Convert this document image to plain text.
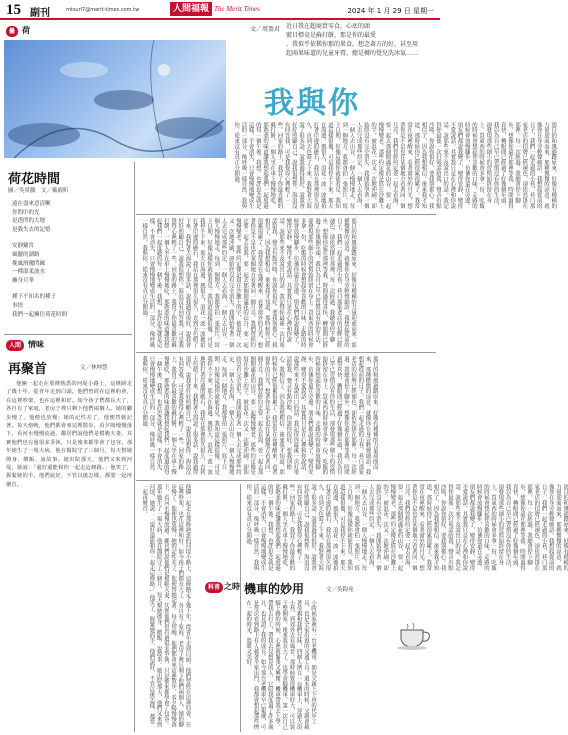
15 副刊	mtsurl7@merit-times.com.tw	人間福報 The Merit Times	2024 年 1 月 29 日 星期一
曇 荷
我與你
文／周盈君 近日我在超商買零食，心底的頭
號目標竟是蘇打餅，那是你的最愛
。我似乎依稀你那的果食，想念著方的好，甚至用
起兩果味道的兒童牙膏，總是轉的覺兒洗冰氣……
那日的和風過路原來，好像有種種的力量迎面而來，那種微微的涼意，就像你在身旁輕聲細語。我想起從前的日子，我們一起走過的小巷，巷口那家老店的招牌已經褪色，卻依然掛在那裡。每一次經過，我總會停下腳步，想像你還在那裡等我。時間過得真快，轉眼間已經過了好幾個年頭，我以為自己早已習慣沒有你的生活，卻發現那些細小的習慣始終留在身上。買東西的時候會多拿一份，吃飯的時候會想起你喜歡的口味，走路的時候會放慢腳步，彷彿你還在旁邊。朋友們都說我變了，變得安靜，變得不愛說話。其實我只是在心裡和你說話，說那些來不及說出口的話。我記得你最後一次打電話給我，聲音有點沙啞，你說你很好，要我別擔心。我相信了，因為我想相信。後來我才知道，那時候你已經很累很累了。我常常在夜裡醒來，看著窗外的月光，想著你是不是也在某個地方看著同一個月亮。我們曾經約定要一起去看海，要一起去那個開滿花的山谷，要一起慢慢變老。那些約定像是寫在沙灘上的字，被浪花一次又一次地沖刷，卻始終沒有完全消失。我開始學著一個人去完成那些約定，一個人去看海，一個人去山谷，一個人慢慢地走。每到一個地方，我都會拍一張照片，寫下日期，好像這樣你就能看見。我知道這樣很傻，可是我停不下來。那天在海邊，風很大，浪花一波一波地拍打著岸邊的礁石，我站在那裡很久很久，直到天色暗了下來。我對著大海說了很多話，說我過得很好，說我會好好照顧自己，說我很想你。海浪沒有回答我，可是我覺得心裡輕了一些。回家的路上，我買了你最喜歡的蘇打餅，一個人坐在車上慢慢地吃，那熟悉的味道讓我想起我們一起度過的每一個午後。我想，也許思念就是這樣，不會消失，只會慢慢地變成生活的一部分，像呼吸一樣自然。我與你，從來沒有真正分開過。
那日的和風過路原來，好像有種種的力量迎面而來，那種微微的涼意，就像你在身旁輕聲細語。我想起從前的日子，我們一起走過的小巷，巷口那家老店的招牌已經褪色，卻依然掛在那裡。每一次經過，我總會停下腳步，想像你還在那裡等我。時間過得真快，轉眼間已經過了好幾個年頭，我以為自己早已習慣沒有你的生活，卻發現那些細小的習慣始終留在身上。買東西的時候會多拿一份，吃飯的時候會想起你喜歡的口味，走路的時候會放慢腳步，彷彿你還在旁邊。朋友們都說我變了，變得安靜，變得不愛說話。其實我只是在心裡和你說話，說那些來不及說出口的話。我記得你最後一次打電話給我，聲音有點沙啞，你說你很好，要我別擔心。我相信了，因為我想相信。後來我才知道，那時候你已經很累很累了。我常常在夜裡醒來，看著窗外的月光，想著你是不是也在某個地方看著同一個月亮。我們曾經約定要一起去看海，要一起去那個開滿花的山谷，要一起慢慢變老。那些約定像是寫在沙灘上的字，被浪花一次又一次地沖刷，卻始終沒有完全消失。我開始學著一個人去完成那些約定，一個人去看海，一個人去山谷，一個人慢慢地走。每到一個地方，我都會拍一張照片，寫下日期，好像這樣你就能看見。我知道這樣很傻，可是我停不下來。那天在海邊，風很大，浪花一波一波地拍打著岸邊的礁石，我站在那裡很久很久，直到天色暗了下來。我對著大海說了很多話，說我過得很好，說我會好好照顧自己，說我很想你。海浪沒有回答我，可是我覺得心裡輕了一些。回家的路上，我買了你最喜歡的蘇打餅，一個人坐在車上慢慢地吃，那熟悉的味道讓我想起我們一起度過的每一個午後。我想，也許思念就是這樣，不會消失，只會慢慢地變成生活的一部分，像呼吸一樣自然。我與你，從來沒有真正分開過。
那日的和風過路原來，好像有種種的力量迎面而來，那種微微的涼意，就像你在身旁輕聲細語。我想起從前的日子，我們一起走過的小巷，巷口那家老店的招牌已經褪色，卻依然掛在那裡。每一次經過，我總會停下腳步，想像你還在那裡等我。時間過得真快，轉眼間已經過了好幾個年頭，我以為自己早已習慣沒有你的生活，卻發現那些細小的習慣始終留在身上。買東西的時候會多拿一份，吃飯的時候會想起你喜歡的口味，走路的時候會放慢腳步，彷彿你還在旁邊。朋友們都說我變了，變得安靜，變得不愛說話。其實我只是在心裡和你說話，說那些來不及說出口的話。我記得你最後一次打電話給我，聲音有點沙啞，你說你很好，要我別擔心。我相信了，因為我想相信。後來我才知道，那時候你已經很累很累了。我常常在夜裡醒來，看著窗外的月光，想著你是不是也在某個地方看著同一個月亮。我們曾經約定要一起去看海，要一起去那個開滿花的山谷，要一起慢慢變老。那些約定像是寫在沙灘上的字，被浪花一次又一次地沖刷，卻始終沒有完全消失。我開始學著一個人去完成那些約定，一個人去看海，一個人去山谷，一個人慢慢地走。每到一個地方，我都會拍一張照片，寫下日期，好像這樣你就能看見。我知道這樣很傻，可是我停不下來。那天在海邊，風很大，浪花一波一波地拍打著岸邊的礁石，我站在那裡很久很久，直到天色暗了下來。我對著大海說了很多話，說我過得很好，說我會好好照顧自己，說我很想你。海浪沒有回答我，可是我覺得心裡輕了一些。回家的路上，我買了你最喜歡的蘇打餅，一個人坐在車上慢慢地吃，那熟悉的味道讓我想起我們一起度過的每一個午後。我想，也許思念就是這樣，不會消失，只會慢慢地變成生活的一部分，像呼吸一樣自然。我與你，從來沒有真正分開過。
荷花時間
圖／吳景騰　文／戴毅昕
遠在盡來意清晰
你問中的光
是透閃的大地
是我失去的記憶
安靜鋪宮
風擺的湖路
挽風滑瓊閃練
一種溫柔波水
擁身月華
種下不知名的種子
事情
我們一起擁往荷花時間
人間 情味
再聚首	文／林坤慧
他倆一起走在那條熟悉的河堤小路上，這條路走了幾十年，從青年走到白頭。他們曾經在這裡約會，在這裡吵架，也在這裡和好。如今孩子們都長大了，各自有了家庭，老房子裡只剩下他們兩個人。她的腳步慢了，他便也放慢；她的記性差了，他便替她記著。每天傍晚，他們都會來這裡散步，看夕陽慢慢落下，看河水慢慢流過。鄰居們說他們是模範夫妻，其實他們也有過很多爭執，只是後來都學會了包容。那年她生了一場大病，他在醫院守了三個月，每天幫她擦身、餵飯、說故事。她出院那天，他們又來到河堤，她說：「還好還能和你一起走這條路。」他笑了，握緊她的手。他們說好，不管以後怎樣，都要一起再聚首。	他倆一起走在那條熟悉的河堤小路上，這條路走了幾十年，從青年走到白頭。他們曾經在這裡約會，在這裡吵架，也在這裡和好。如今孩子們都長大了，各自有了家庭，老房子裡只剩下他們兩個人。她的腳步慢了，他便也放慢；她的記性差了，他便替她記著。每天傍晚，他們都會來這裡散步，看夕陽慢慢落下，看河水慢慢流過。鄰居們說他們是模範夫妻，其實他們也有過很多爭執，只是後來都學會了包容。那年她生了一場大病，他在醫院守了三個月，每天幫她擦身、餵飯、說故事。她出院那天，他們又來到河堤，她說：「還好還能和你一起走這條路。」他笑了，握緊她的手。他們說好，不管以後怎樣，都要一起再聚首。	那日的和風過路原來，好像有種種的力量迎面而來，那種微微的涼意，就像你在身旁輕聲細語。我想起從前的日子，我們一起走過的小巷，巷口那家老店的招牌已經褪色，卻依然掛在那裡。每一次經過，我總會停下腳步，想像你還在那裡等我。時間過得真快，轉眼間已經過了好幾個年頭，我以為自己早已習慣沒有你的生活，卻發現那些細小的習慣始終留在身上。買東西的時候會多拿一份，吃飯的時候會想起你喜歡的口味，走路的時候會放慢腳步，彷彿你還在旁邊。朋友們都說我變了，變得安靜，變得不愛說話。其實我只是在心裡和你說話，說那些來不及說出口的話。我記得你最後一次打電話給我，聲音有點沙啞，你說你很好，要我別擔心。我相信了，因為我想相信。後來我才知道，那時候你已經很累很累了。我常常在夜裡醒來，看著窗外的月光，想著你是不是也在某個地方看著同一個月亮。我們曾經約定要一起去看海，要一起去那個開滿花的山谷，要一起慢慢變老。那些約定像是寫在沙灘上的字，被浪花一次又一次地沖刷，卻始終沒有完全消失。我開始學著一個人去完成那些約定，一個人去看海，一個人去山谷，一個人慢慢地走。每到一個地方，我都會拍一張照片，寫下日期，好像這樣你就能看見。我知道這樣很傻，可是我停不下來。那天在海邊，風很大，浪花一波一波地拍打著岸邊的礁石，我站在那裡很久很久，直到天色暗了下來。我對著大海說了很多話，說我過得很好，說我會好好照顧自己，說我很想你。海浪沒有回答我，可是我覺得心裡輕了一些。回家的路上，我買了你最喜歡的蘇打餅，一個人坐在車上慢慢地吃，那熟悉的味道讓我想起我們一起度過的每一個午後。我想，也許思念就是這樣，不會消失，只會慢慢地變成生活的一部分，像呼吸一樣自然。我與你，從來沒有真正分開過。
科普 之時 機車的妙用	文／吳鈞堯
小時候家裡有一台老機車，那是父親上下班的代步工具，也是全家出遊的交通工具。週末的時候，父親會載著母親和我們兄妹，四個人擠在一台機車上，穿過大街小巷，到郊外去看風景。那時候覺得機車好大，可以裝下整個家。後來我長大了，也學會騎機車，第一次自己騎上路的時候，心裡既緊張又興奮。機車帶我去上學，帶我去打工，帶我去見想見的人。它陪我度過了許多歲月，也見證了我的成長。如今那台老機車早已報廢，可是每次看到路上有人載著全家出門，我都會想起那些擠在一起的時光，溫暖又美好。
